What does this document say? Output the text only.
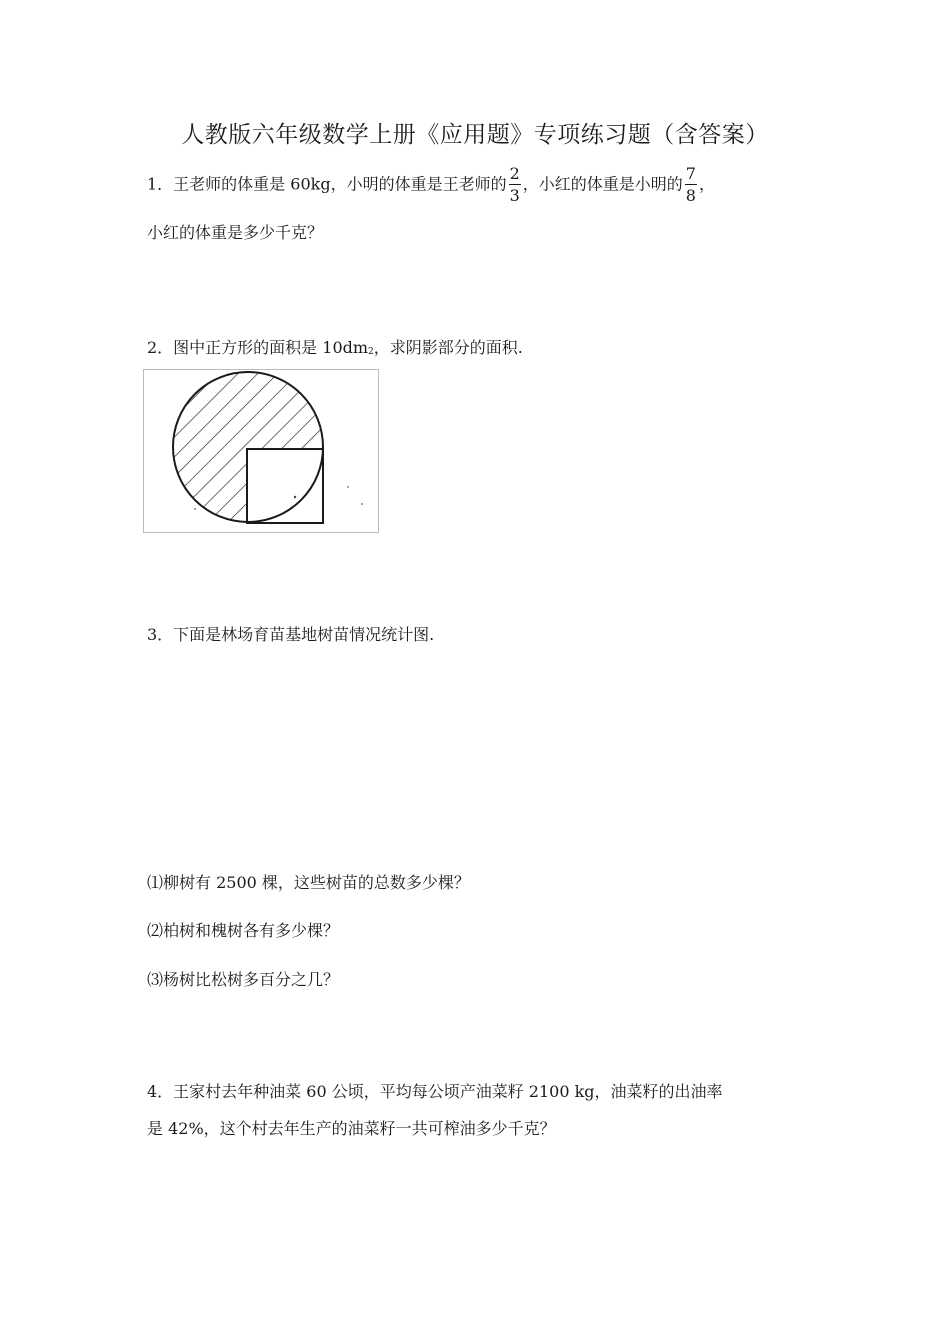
人教版六年级数学上册《应用题》专项练习题（含答案）
1．王老师的体重是 60kg，小明的体重是王老师的 $\frac{2}{3}$ ，小红的体重是小明的 $\frac{7}{8}$ ，
小红的体重是多少千克？
2．图中正方形的面积是 10dm2，求阴影部分的面积.
3．下面是林场育苗基地树苗情况统计图.
⑴柳树有 2500 棵，这些树苗的总数多少棵？
⑵柏树和槐树各有多少棵？
⑶杨树比松树多百分之几？
4．王家村去年种油菜 60 公顷，平均每公顷产油菜籽 2100 kg，油菜籽的出油率
是 42%，这个村去年生产的油菜籽一共可榨油多少千克？
